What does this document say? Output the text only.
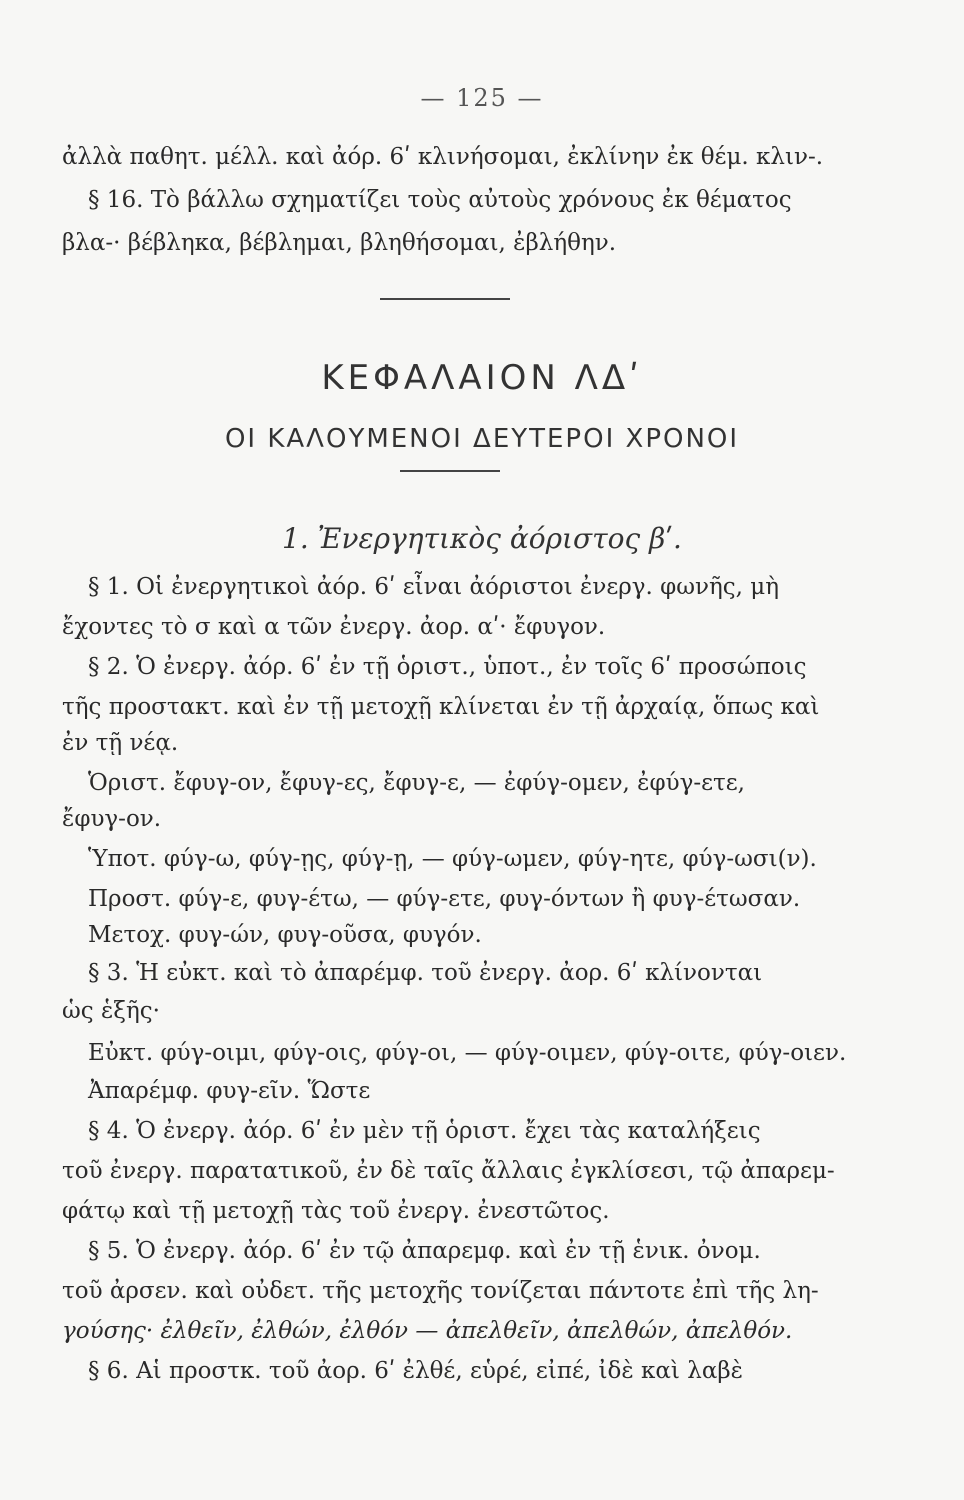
— 125 —
ἀλλὰ παθητ. μέλλ. καὶ ἀόρ. 6ʹ κλινήσομαι, ἐκλίνην ἐκ θέμ. κλιν-.
§ 16. Τὸ βάλλω σχηματίζει τοὺς αὐτοὺς χρόνους ἐκ θέματος
βλα-· βέβληκα, βέβλημαι, βληθήσομαι, ἐβλήθην.
ΚΕΦΑΛΑΙΟΝ ΛΔʹ
ΟΙ ΚΑΛΟΥΜΕΝΟΙ ΔΕΥΤΕΡΟΙ ΧΡΟΝΟΙ
1. Ἐνεργητικὸς ἀόριστος βʹ.
§ 1. Οἱ ἐνεργητικοὶ ἀόρ. 6ʹ εἶναι ἀόριστοι ἐνεργ. φωνῆς, μὴ
ἔχοντες τὸ σ καὶ α τῶν ἐνεργ. ἀορ. αʹ· ἔφυγον.
§ 2. Ὁ ἐνεργ. ἀόρ. 6ʹ ἐν τῇ ὁριστ., ὑποτ., ἐν τοῖς 6ʹ προσώποις
τῆς προστακτ. καὶ ἐν τῇ μετοχῇ κλίνεται ἐν τῇ ἀρχαίᾳ, ὅπως καὶ
ἐν τῇ νέᾳ.
Ὁριστ. ἔφυγ-ον, ἔφυγ-ες, ἔφυγ-ε, — ἐφύγ-ομεν, ἐφύγ-ετε,
ἔφυγ-ον.
Ὑποτ. φύγ-ω, φύγ-ῃς, φύγ-ῃ, — φύγ-ωμεν, φύγ-ητε, φύγ-ωσι(ν).
Προστ. φύγ-ε, φυγ-έτω, — φύγ-ετε, φυγ-όντων ἢ φυγ-έτωσαν.
Μετοχ. φυγ-ών, φυγ-οῦσα, φυγόν.
§ 3. Ἡ εὐκτ. καὶ τὸ ἀπαρέμφ. τοῦ ἐνεργ. ἀορ. 6ʹ κλίνονται
ὡς ἑξῆς·
Εὐκτ. φύγ-οιμι, φύγ-οις, φύγ-οι, — φύγ-οιμεν, φύγ-οιτε, φύγ-οιεν.
Ἀπαρέμφ. φυγ-εῖν. Ὥστε
§ 4. Ὁ ἐνεργ. ἀόρ. 6ʹ ἐν μὲν τῇ ὁριστ. ἔχει τὰς καταλήξεις
τοῦ ἐνεργ. παρατατικοῦ, ἐν δὲ ταῖς ἄλλαις ἐγκλίσεσι, τῷ ἀπαρεμ-
φάτῳ καὶ τῇ μετοχῇ τὰς τοῦ ἐνεργ. ἐνεστῶτος.
§ 5. Ὁ ἐνεργ. ἀόρ. 6ʹ ἐν τῷ ἀπαρεμφ. καὶ ἐν τῇ ἑνικ. ὀνομ.
τοῦ ἀρσεν. καὶ οὐδετ. τῆς μετοχῆς τονίζεται πάντοτε ἐπὶ τῆς λη-
γούσης· ἐλθεῖν, ἐλθών, ἐλθόν — ἀπελθεῖν, ἀπελθών, ἀπελθόν.
§ 6. Αἱ προστκ. τοῦ ἀορ. 6ʹ ἐλθέ, εὑρέ, εἰπέ, ἰδὲ καὶ λαβὲ
